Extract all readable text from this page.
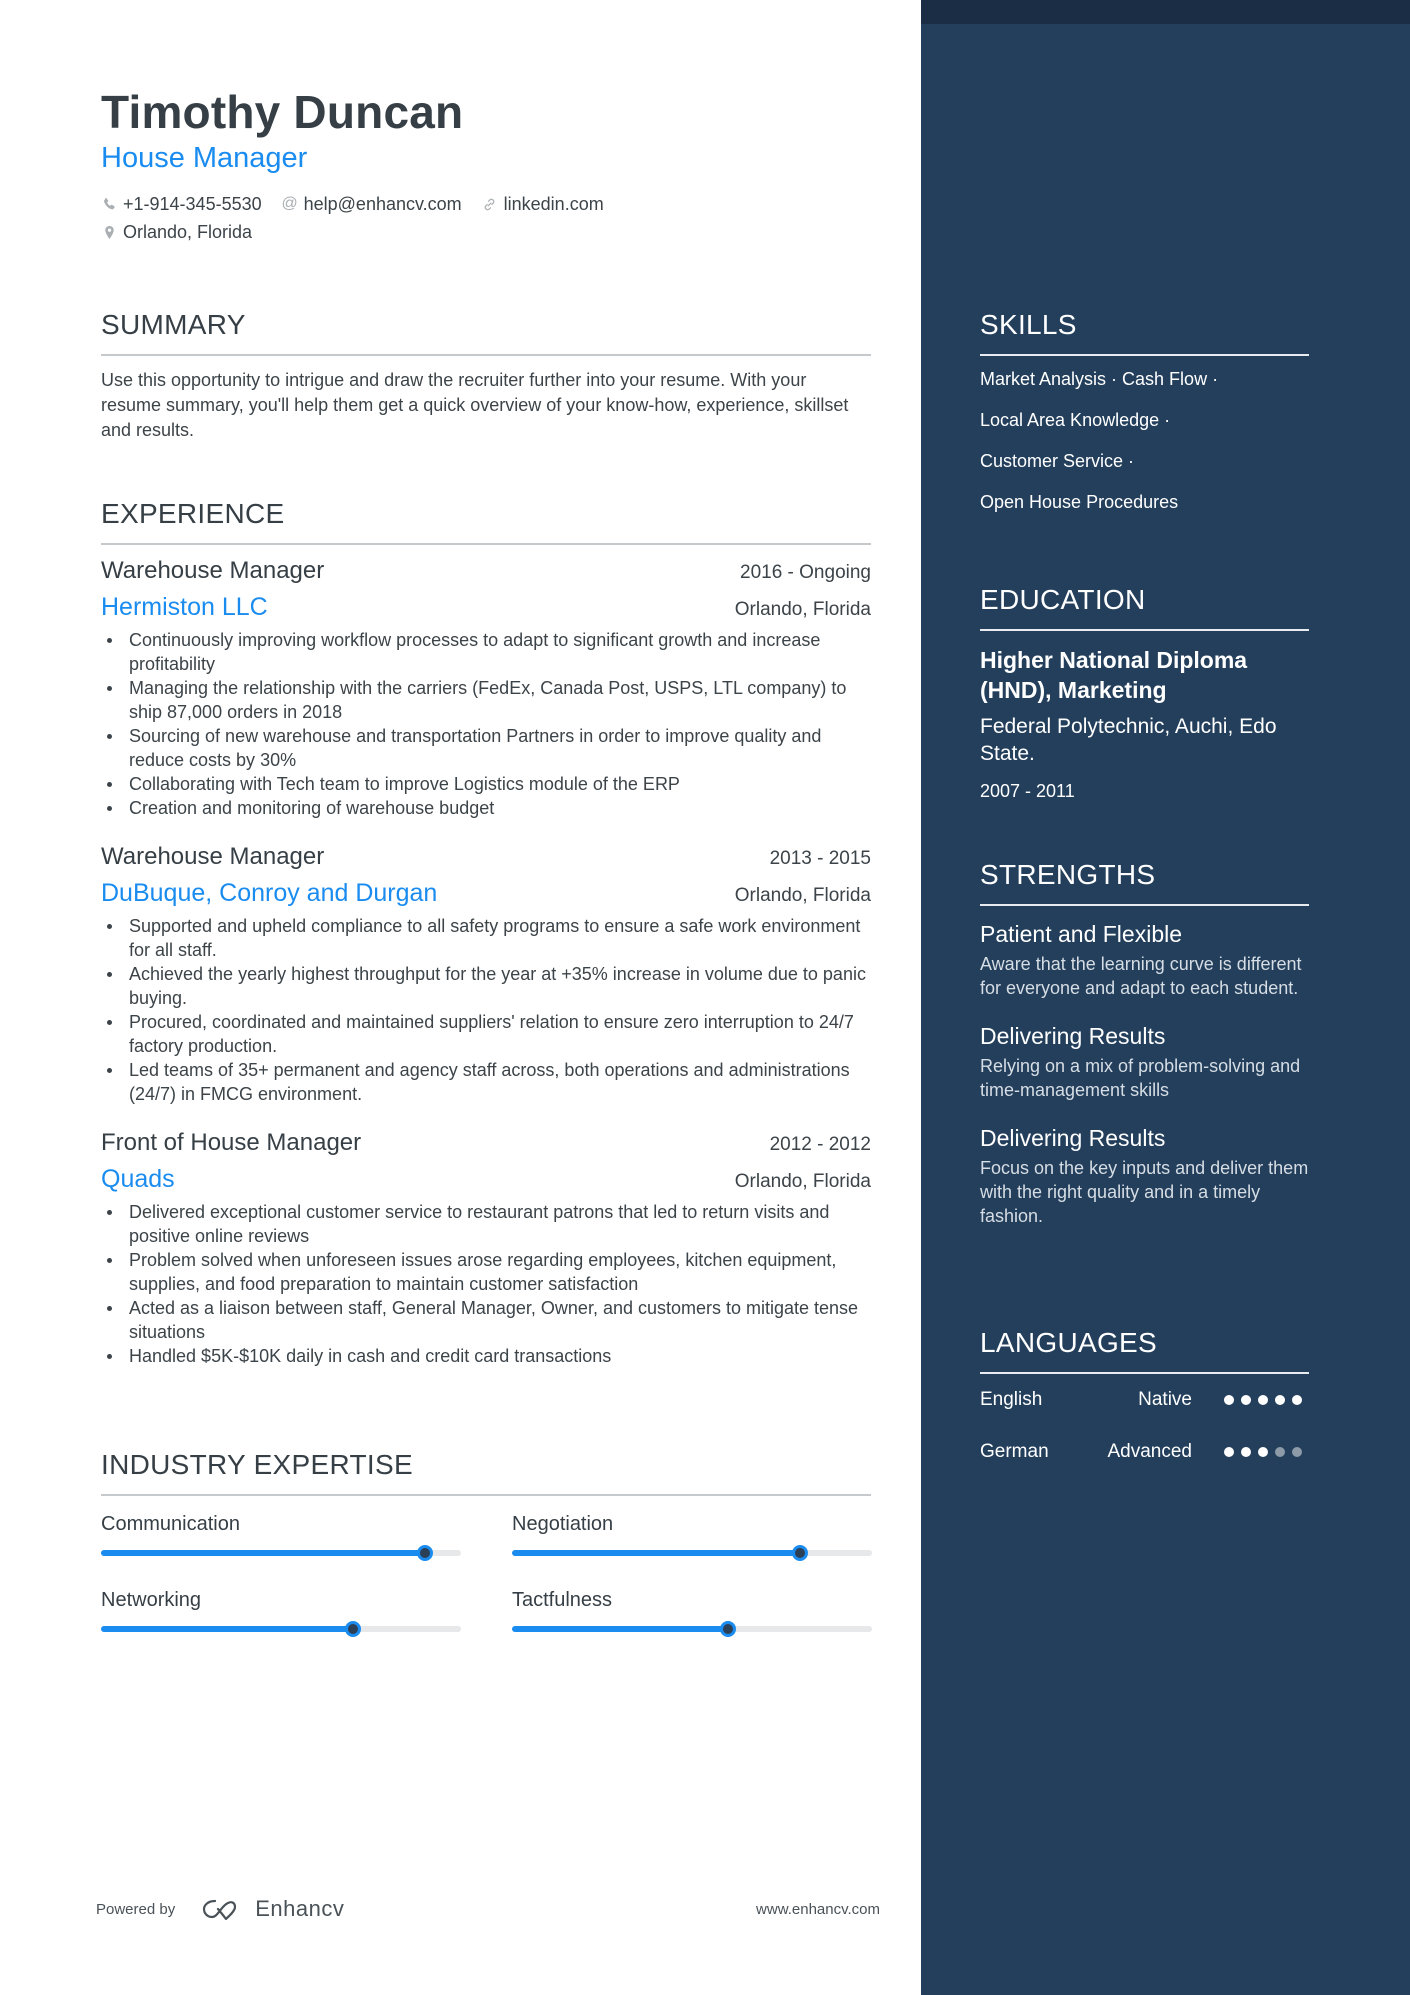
Timothy Duncan
House Manager
+1-914-345-5530 @ help@enhancv.com linkedin.com
Orlando, Florida
SUMMARY
Use this opportunity to intrigue and draw the recruiter further into your resume. With your resume summary, you'll help them get a quick overview of your know-how, experience, skillset and results.
EXPERIENCE
Warehouse Manager	2016 - Ongoing
Hermiston LLC	Orlando, Florida
Continuously improving workflow processes to adapt to significant growth and increase profitability
Managing the relationship with the carriers (FedEx, Canada Post, USPS, LTL company) to ship 87,000 orders in 2018
Sourcing of new warehouse and transportation Partners in order to improve quality and reduce costs by 30%
Collaborating with Tech team to improve Logistics module of the ERP
Creation and monitoring of warehouse budget
Warehouse Manager	2013 - 2015
DuBuque, Conroy and Durgan	Orlando, Florida
Supported and upheld compliance to all safety programs to ensure a safe work environment for all staff.
Achieved the yearly highest throughput for the year at +35% increase in volume due to panic buying.
Procured, coordinated and maintained suppliers' relation to ensure zero interruption to 24/7 factory production.
Led teams of 35+ permanent and agency staff across, both operations and administrations (24/7) in FMCG environment.
Front of House Manager	2012 - 2012
Quads	Orlando, Florida
Delivered exceptional customer service to restaurant patrons that led to return visits and positive online reviews
Problem solved when unforeseen issues arose regarding employees, kitchen equipment, supplies, and food preparation to maintain customer satisfaction
Acted as a liaison between staff, General Manager, Owner, and customers to mitigate tense situations
Handled $5K-$10K daily in cash and credit card transactions
INDUSTRY EXPERTISE
Communication	Negotiation
Networking	Tactfulness
Powered by	Enhancv	www.enhancv.com
SKILLS
Market Analysis · Cash Flow ·
Local Area Knowledge ·
Customer Service ·
Open House Procedures
EDUCATION
Higher National Diploma (HND), Marketing
Federal Polytechnic, Auchi, Edo State.
2007 - 2011
STRENGTHS
Patient and Flexible
Aware that the learning curve is different for everyone and adapt to each student.
Delivering Results
Relying on a mix of problem-solving and time-management skills
Delivering Results
Focus on the key inputs and deliver them with the right quality and in a timely fashion.
LANGUAGES
English	Native
German	Advanced
